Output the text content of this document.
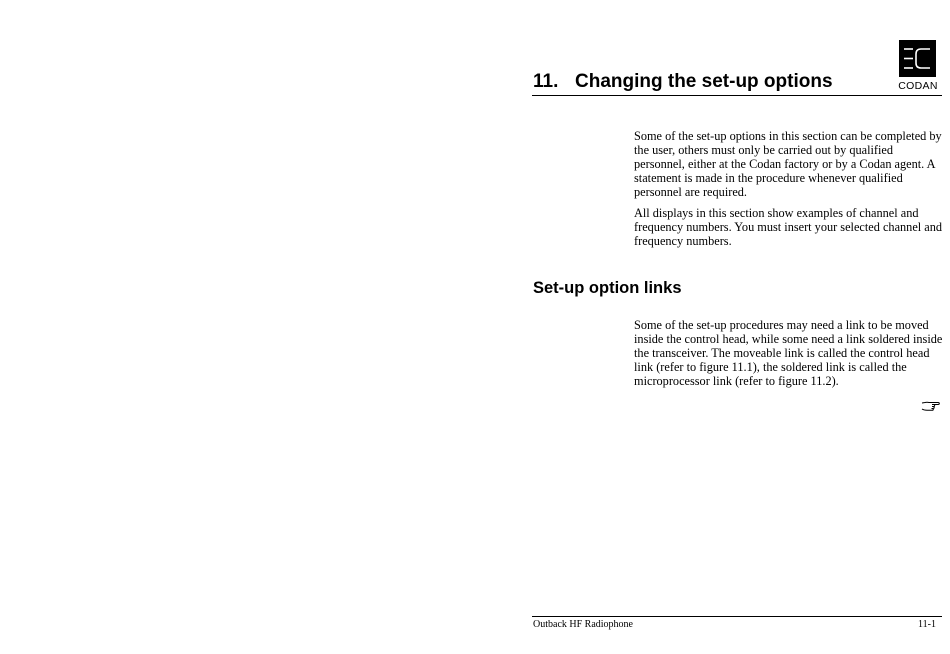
CODAN
11. Changing the set-up options

Some of the set-up options in this section can be completed by the user, others must only be carried out by qualified personnel, either at the Codan factory or by a Codan agent. A statement is made in the procedure whenever qualified personnel are required.

All displays in this section show examples of channel and frequency numbers. You must insert your selected channel and frequency numbers.

Set-up option links

Some of the set-up procedures may need a link to be moved inside the control head, while some need a link soldered inside the transceiver. The moveable link is called the control head link (refer to figure 11.1), the soldered link is called the microprocessor link (refer to figure 11.2).

Outback HF Radiophone	11-1
